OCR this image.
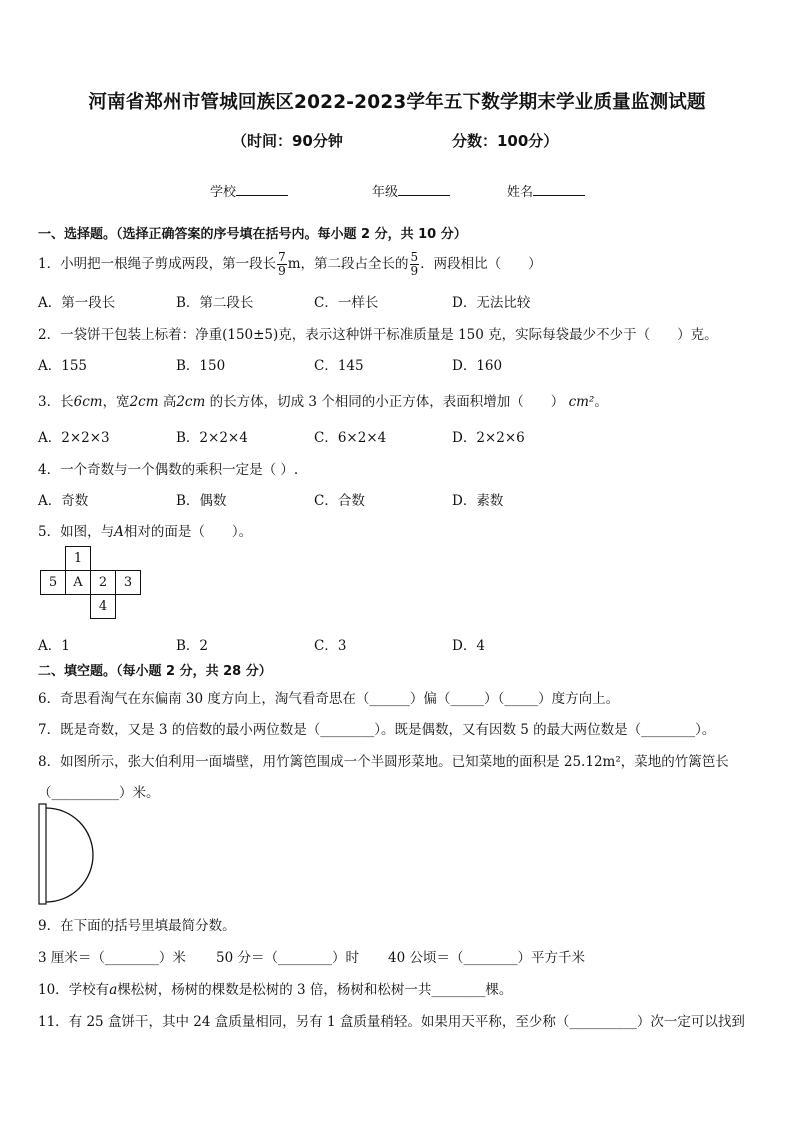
河南省郑州市管城回族区2022-2023学年五下数学期末学业质量监测试题
（时间：90分钟	分数：100分）
学校	年级	姓名
一、选择题。（选择正确答案的序号填在括号内。每小题 2 分，共 10 分）
1．小明把一根绳子剪成两段，第一段长 $\frac{7}{9}$ m，第二段占全长的 $\frac{5}{9}$ ．两段相比（　　）
A．第一段长	B．第二段长	C．一样长	D．无法比较
2．一袋饼干包装上标着：净重(150±5)克，表示这种饼干标准质量是 150 克，实际每袋最少不少于（　　）克。
A．155	B．150	C．145	D．160
3．长6cm，宽2cm 高2cm 的长方体，切成 3 个相同的小正方体，表面积增加（　　） cm²。
A．2×2×3	B．2×2×4	C．6×2×4	D．2×2×6
4．一个奇数与一个偶数的乘积一定是（ ）.
A．奇数	B．偶数	C．合数	D．素数
5．如图，与A相对的面是（　　）。
	1		
5	A	2	3
		4	
A．1	B．2	C．3	D．4
二、填空题。（每小题 2 分，共 28 分）
6．奇思看淘气在东偏南 30 度方向上，淘气看奇思在（______）偏（_____）（_____）度方向上。
7．既是奇数，又是 3 的倍数的最小两位数是（________）。既是偶数，又有因数 5 的最大两位数是（________）。
8．如图所示，张大伯利用一面墙壁，用竹篱笆围成一个半圆形菜地。已知菜地的面积是 25.12m²，菜地的竹篱笆长
（__________）米。
9．在下面的括号里填最简分数。
3 厘米＝（________）米 50 分＝（________）时 40 公顷＝（________）平方千米
10．学校有a棵松树，杨树的棵数是松树的 3 倍，杨树和松树一共________棵。
11．有 25 盒饼干，其中 24 盒质量相同，另有 1 盒质量稍轻。如果用天平称，至少称（__________）次一定可以找到
